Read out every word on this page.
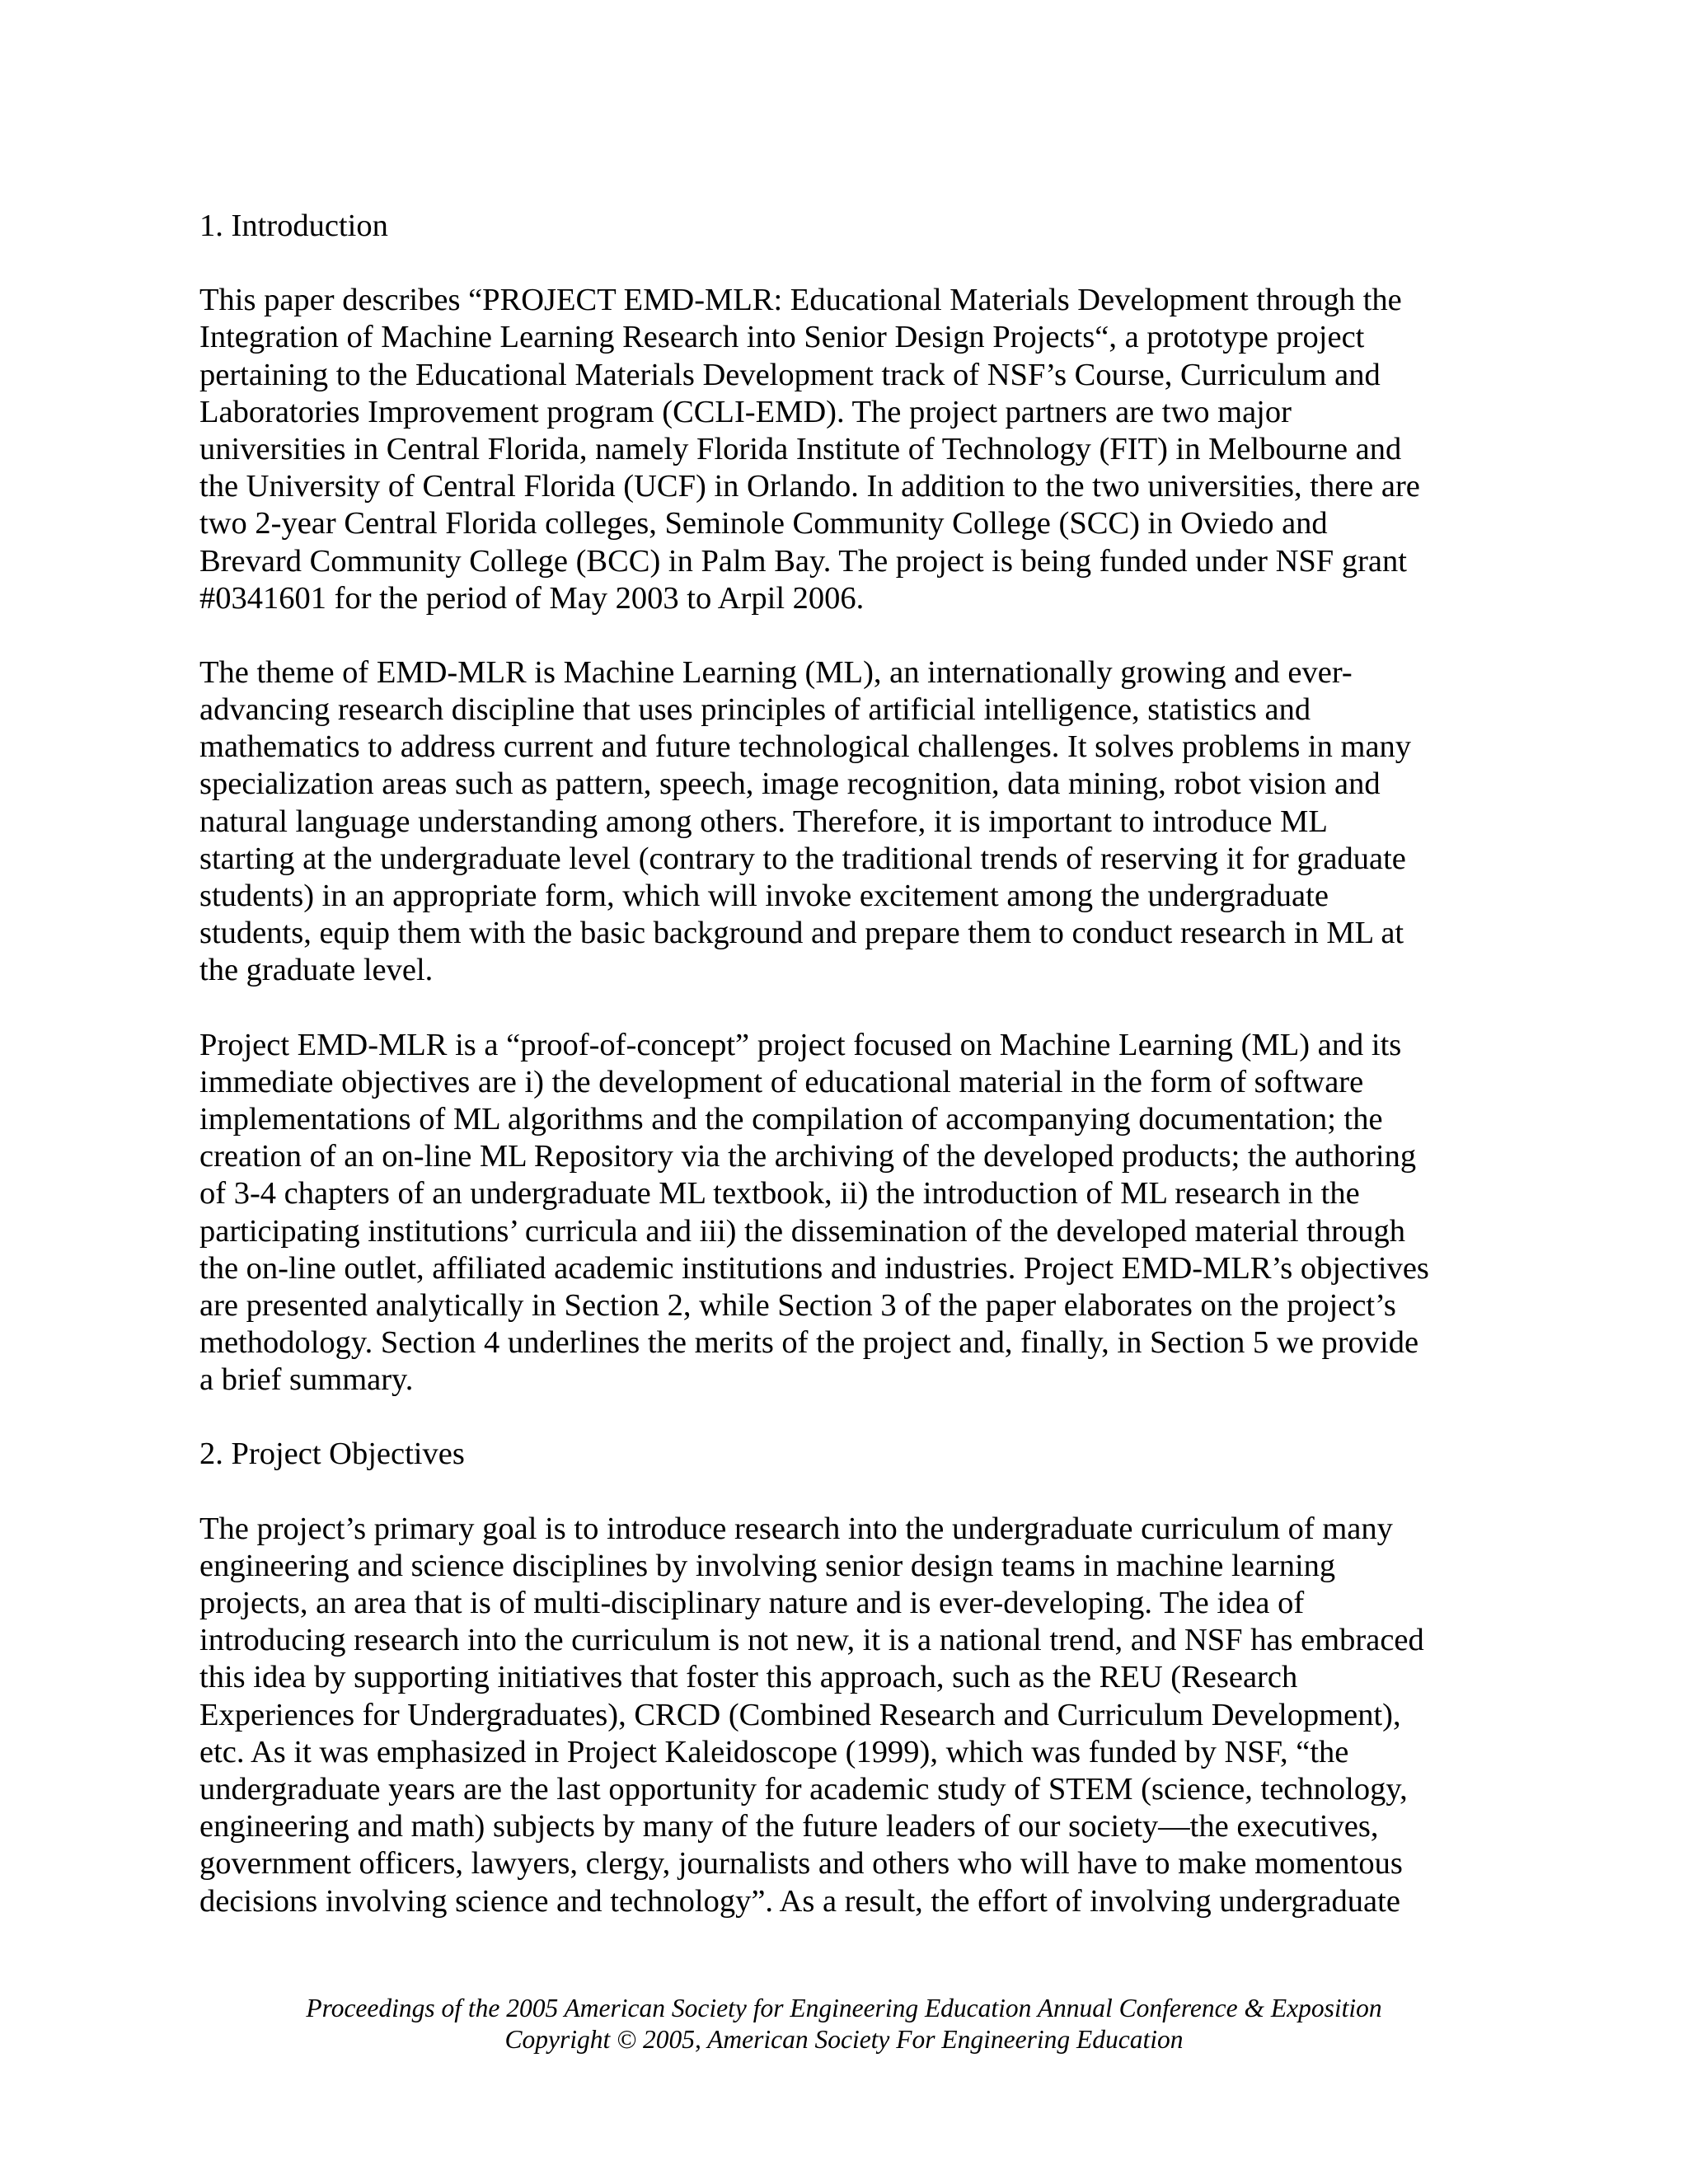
1. Introduction

This paper describes “PROJECT EMD-MLR: Educational Materials Development through the
Integration of Machine Learning Research into Senior Design Projects“, a prototype project
pertaining to the Educational Materials Development track of NSF’s Course, Curriculum and
Laboratories Improvement program (CCLI-EMD). The project partners are two major
universities in Central Florida, namely Florida Institute of Technology (FIT) in Melbourne and
the University of Central Florida (UCF) in Orlando. In addition to the two universities, there are
two 2-year Central Florida colleges, Seminole Community College (SCC) in Oviedo and
Brevard Community College (BCC) in Palm Bay. The project is being funded under NSF grant
#0341601 for the period of May 2003 to Arpil 2006.

The theme of EMD-MLR is Machine Learning (ML), an internationally growing and ever-
advancing research discipline that uses principles of artificial intelligence, statistics and
mathematics to address current and future technological challenges. It solves problems in many
specialization areas such as pattern, speech, image recognition, data mining, robot vision and
natural language understanding among others. Therefore, it is important to introduce ML
starting at the undergraduate level (contrary to the traditional trends of reserving it for graduate
students) in an appropriate form, which will invoke excitement among the undergraduate
students, equip them with the basic background and prepare them to conduct research in ML at
the graduate level.

Project EMD-MLR is a “proof-of-concept” project focused on Machine Learning (ML) and its
immediate objectives are i) the development of educational material in the form of software
implementations of ML algorithms and the compilation of accompanying documentation; the
creation of an on-line ML Repository via the archiving of the developed products; the authoring
of 3-4 chapters of an undergraduate ML textbook, ii) the introduction of ML research in the
participating institutions’ curricula and iii) the dissemination of the developed material through
the on-line outlet, affiliated academic institutions and industries. Project EMD-MLR’s objectives
are presented analytically in Section 2, while Section 3 of the paper elaborates on the project’s
methodology. Section 4 underlines the merits of the project and, finally, in Section 5 we provide
a brief summary.

2. Project Objectives

The project’s primary goal is to introduce research into the undergraduate curriculum of many
engineering and science disciplines by involving senior design teams in machine learning
projects, an area that is of multi-disciplinary nature and is ever-developing. The idea of
introducing research into the curriculum is not new, it is a national trend, and NSF has embraced
this idea by supporting initiatives that foster this approach, such as the REU (Research
Experiences for Undergraduates), CRCD (Combined Research and Curriculum Development),
etc. As it was emphasized in Project Kaleidoscope (1999), which was funded by NSF, “the
undergraduate years are the last opportunity for academic study of STEM (science, technology,
engineering and math) subjects by many of the future leaders of our society—the executives,
government officers, lawyers, clergy, journalists and others who will have to make momentous
decisions involving science and technology”. As a result, the effort of involving undergraduate

Proceedings of the 2005 American Society for Engineering Education Annual Conference & Exposition
Copyright © 2005, American Society For Engineering Education
